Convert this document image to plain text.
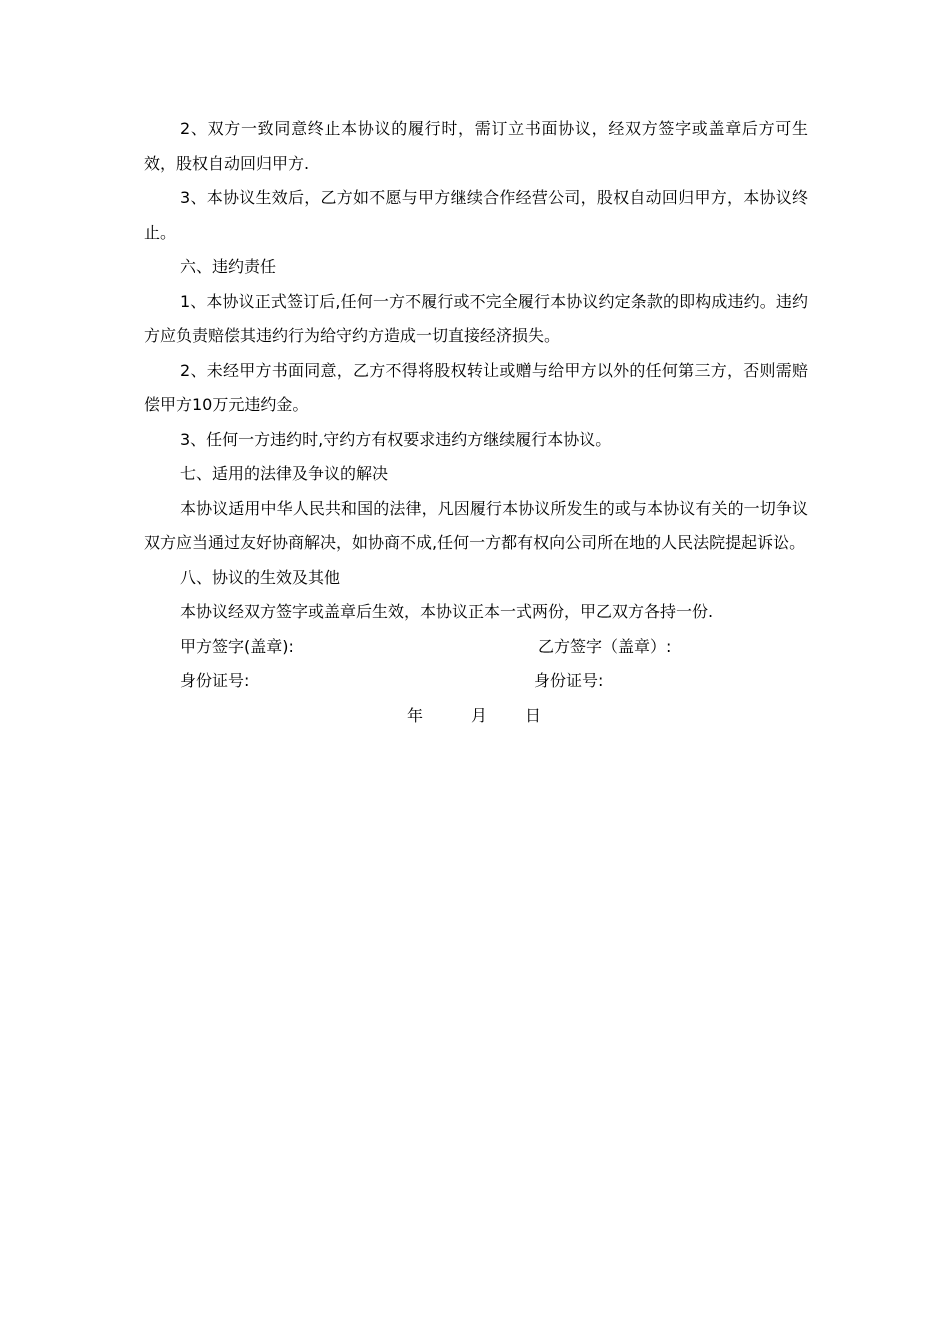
2、双方一致同意终止本协议的履行时，需订立书面协议，经双方签字或盖章后方可生效，股权自动回归甲方.

3、本协议生效后，乙方如不愿与甲方继续合作经营公司，股权自动回归甲方，本协议终止。

六、违约责任

1、本协议正式签订后,任何一方不履行或不完全履行本协议约定条款的即构成违约。违约方应负责赔偿其违约行为给守约方造成一切直接经济损失。

2、未经甲方书面同意，乙方不得将股权转让或赠与给甲方以外的任何第三方，否则需赔偿甲方10万元违约金。

3、任何一方违约时,守约方有权要求违约方继续履行本协议。

七、适用的法律及争议的解决

本协议适用中华人民共和国的法律，凡因履行本协议所发生的或与本协议有关的一切争议双方应当通过友好协商解决，如协商不成,任何一方都有权向公司所在地的人民法院提起诉讼。

八、协议的生效及其他

本协议经双方签字或盖章后生效，本协议正本一式两份，甲乙双方各持一份.

甲方签字(盖章):	乙方签字（盖章）:
身份证号:	身份证号:
年	月 日
